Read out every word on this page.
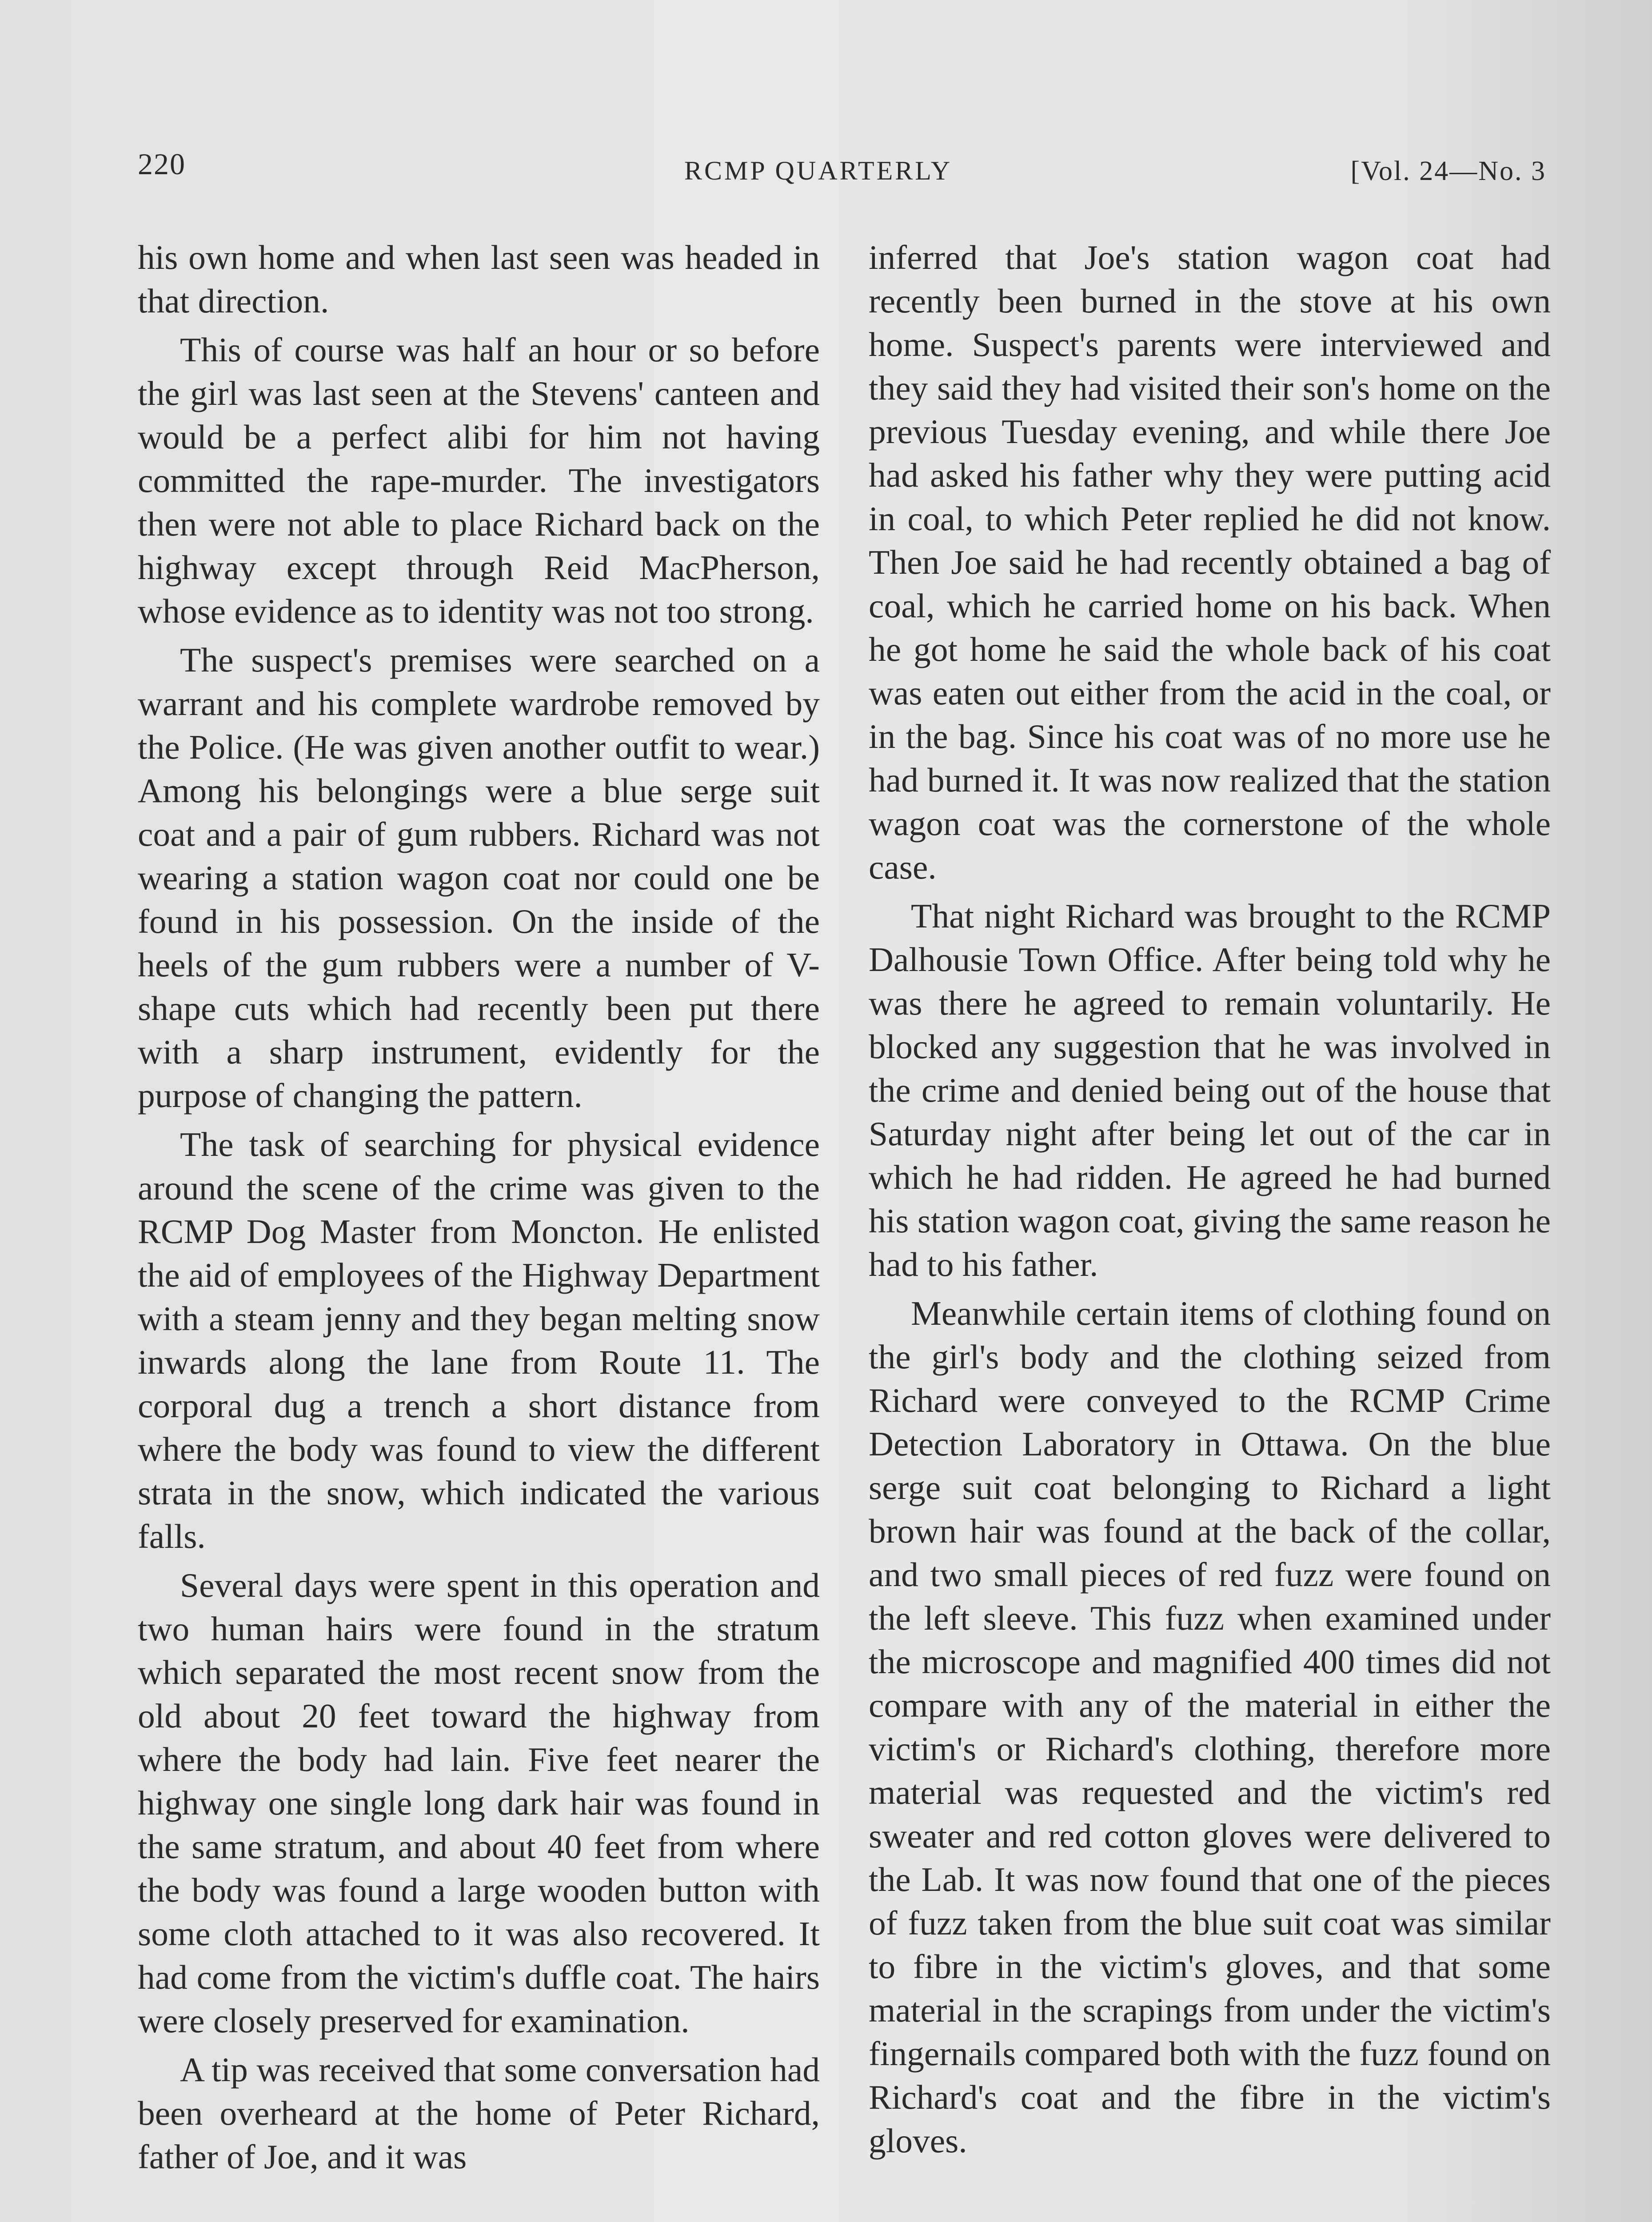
220	RCMP QUARTERLY	[Vol. 24—No. 3

his own home and when last seen was headed in that direction.

This of course was half an hour or so before the girl was last seen at the Stevens' canteen and would be a perfect alibi for him not having committed the rape-murder. The investigators then were not able to place Richard back on the highway except through Reid MacPherson, whose evidence as to identity was not too strong.

The suspect's premises were searched on a warrant and his complete wardrobe removed by the Police. (He was given another outfit to wear.) Among his belongings were a blue serge suit coat and a pair of gum rubbers. Richard was not wearing a station wagon coat nor could one be found in his possession. On the inside of the heels of the gum rubbers were a number of V-shape cuts which had recently been put there with a sharp instrument, evidently for the purpose of changing the pattern.

The task of searching for physical evidence around the scene of the crime was given to the RCMP Dog Master from Moncton. He enlisted the aid of employees of the Highway Department with a steam jenny and they began melting snow inwards along the lane from Route 11. The corporal dug a trench a short distance from where the body was found to view the different strata in the snow, which indicated the various falls.

Several days were spent in this operation and two human hairs were found in the stratum which separated the most recent snow from the old about 20 feet toward the highway from where the body had lain. Five feet nearer the highway one single long dark hair was found in the same stratum, and about 40 feet from where the body was found a large wooden button with some cloth attached to it was also recovered. It had come from the victim's duffle coat. The hairs were closely preserved for examination.

A tip was received that some conversation had been overheard at the home of Peter Richard, father of Joe, and it was

inferred that Joe's station wagon coat had recently been burned in the stove at his own home. Suspect's parents were interviewed and they said they had visited their son's home on the previous Tuesday evening, and while there Joe had asked his father why they were putting acid in coal, to which Peter replied he did not know. Then Joe said he had recently obtained a bag of coal, which he carried home on his back. When he got home he said the whole back of his coat was eaten out either from the acid in the coal, or in the bag. Since his coat was of no more use he had burned it. It was now realized that the station wagon coat was the cornerstone of the whole case.

That night Richard was brought to the RCMP Dalhousie Town Office. After being told why he was there he agreed to remain voluntarily. He blocked any suggestion that he was involved in the crime and denied being out of the house that Saturday night after being let out of the car in which he had ridden. He agreed he had burned his station wagon coat, giving the same reason he had to his father.

Meanwhile certain items of clothing found on the girl's body and the clothing seized from Richard were conveyed to the RCMP Crime Detection Laboratory in Ottawa. On the blue serge suit coat belonging to Richard a light brown hair was found at the back of the collar, and two small pieces of red fuzz were found on the left sleeve. This fuzz when examined under the microscope and magnified 400 times did not compare with any of the material in either the victim's or Richard's clothing, therefore more material was requested and the victim's red sweater and red cotton gloves were delivered to the Lab. It was now found that one of the pieces of fuzz taken from the blue suit coat was similar to fibre in the victim's gloves, and that some material in the scrapings from under the victim's fingernails compared both with the fuzz found on Richard's coat and the fibre in the victim's gloves.
